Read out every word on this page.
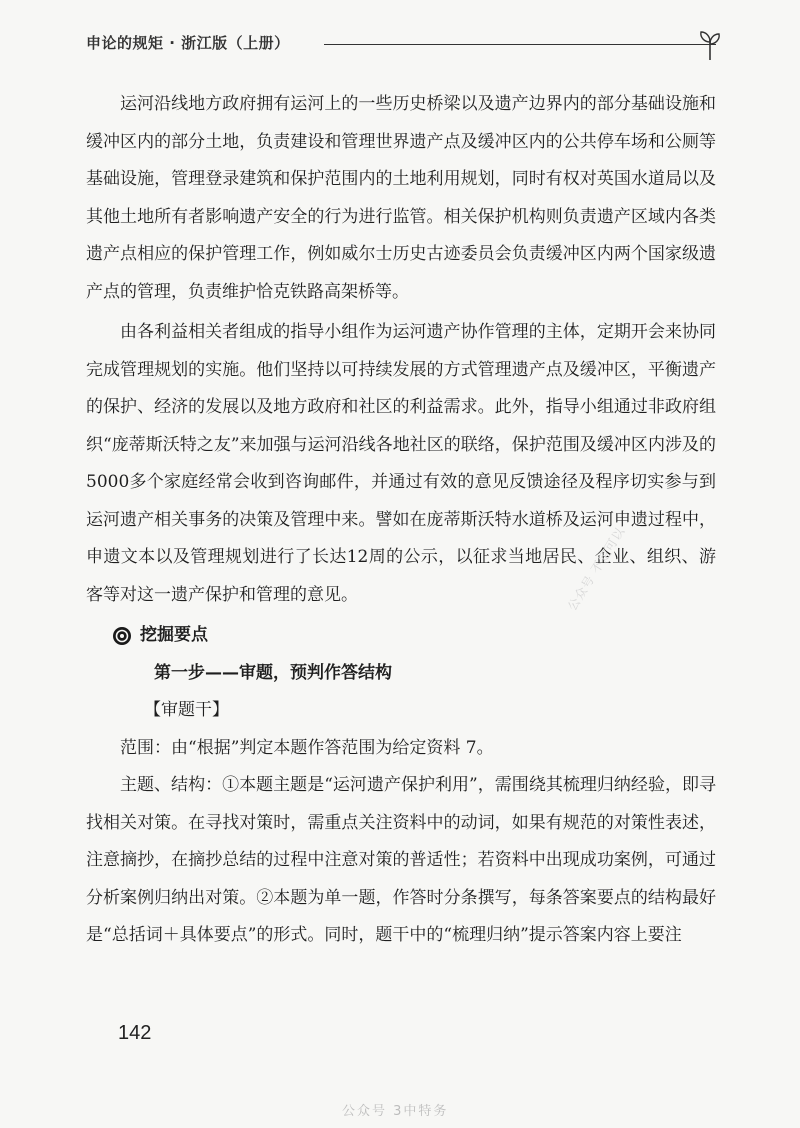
申论的规矩 · 浙江版（上册）

运河沿线地方政府拥有运河上的一些历史桥梁以及遗产边界内的部分基础设施和缓冲区内的部分土地，负责建设和管理世界遗产点及缓冲区内的公共停车场和公厕等基础设施，管理登录建筑和保护范围内的土地利用规划，同时有权对英国水道局以及其他土地所有者影响遗产安全的行为进行监管。相关保护机构则负责遗产区域内各类遗产点相应的保护管理工作，例如威尔士历史古迹委员会负责缓冲区内两个国家级遗产点的管理，负责维护恰克铁路高架桥等。

由各利益相关者组成的指导小组作为运河遗产协作管理的主体，定期开会来协同完成管理规划的实施。他们坚持以可持续发展的方式管理遗产点及缓冲区，平衡遗产的保护、经济的发展以及地方政府和社区的利益需求。此外，指导小组通过非政府组织“庞蒂斯沃特之友”来加强与运河沿线各地社区的联络，保护范围及缓冲区内涉及的5000多个家庭经常会收到咨询邮件，并通过有效的意见反馈途径及程序切实参与到运河遗产相关事务的决策及管理中来。譬如在庞蒂斯沃特水道桥及运河申遗过程中，申遗文本以及管理规划进行了长达12周的公示，以征求当地居民、企业、组织、游客等对这一遗产保护和管理的意见。

挖掘要点

第一步——审题，预判作答结构

【审题干】

范围：由“根据”判定本题作答范围为给定资料 7。

主题、结构：①本题主题是“运河遗产保护利用”，需围绕其梳理归纳经验，即寻找相关对策。在寻找对策时，需重点关注资料中的动词，如果有规范的对策性表述，注意摘抄，在摘抄总结的过程中注意对策的普适性；若资料中出现成功案例，可通过分析案例归纳出对策。②本题为单一题，作答时分条撰写，每条答案要点的结构最好是“总括词＋具体要点”的形式。同时，题干中的“梳理归纳”提示答案内容上要注

公众号 不定可以
142
公众号 3中特务
